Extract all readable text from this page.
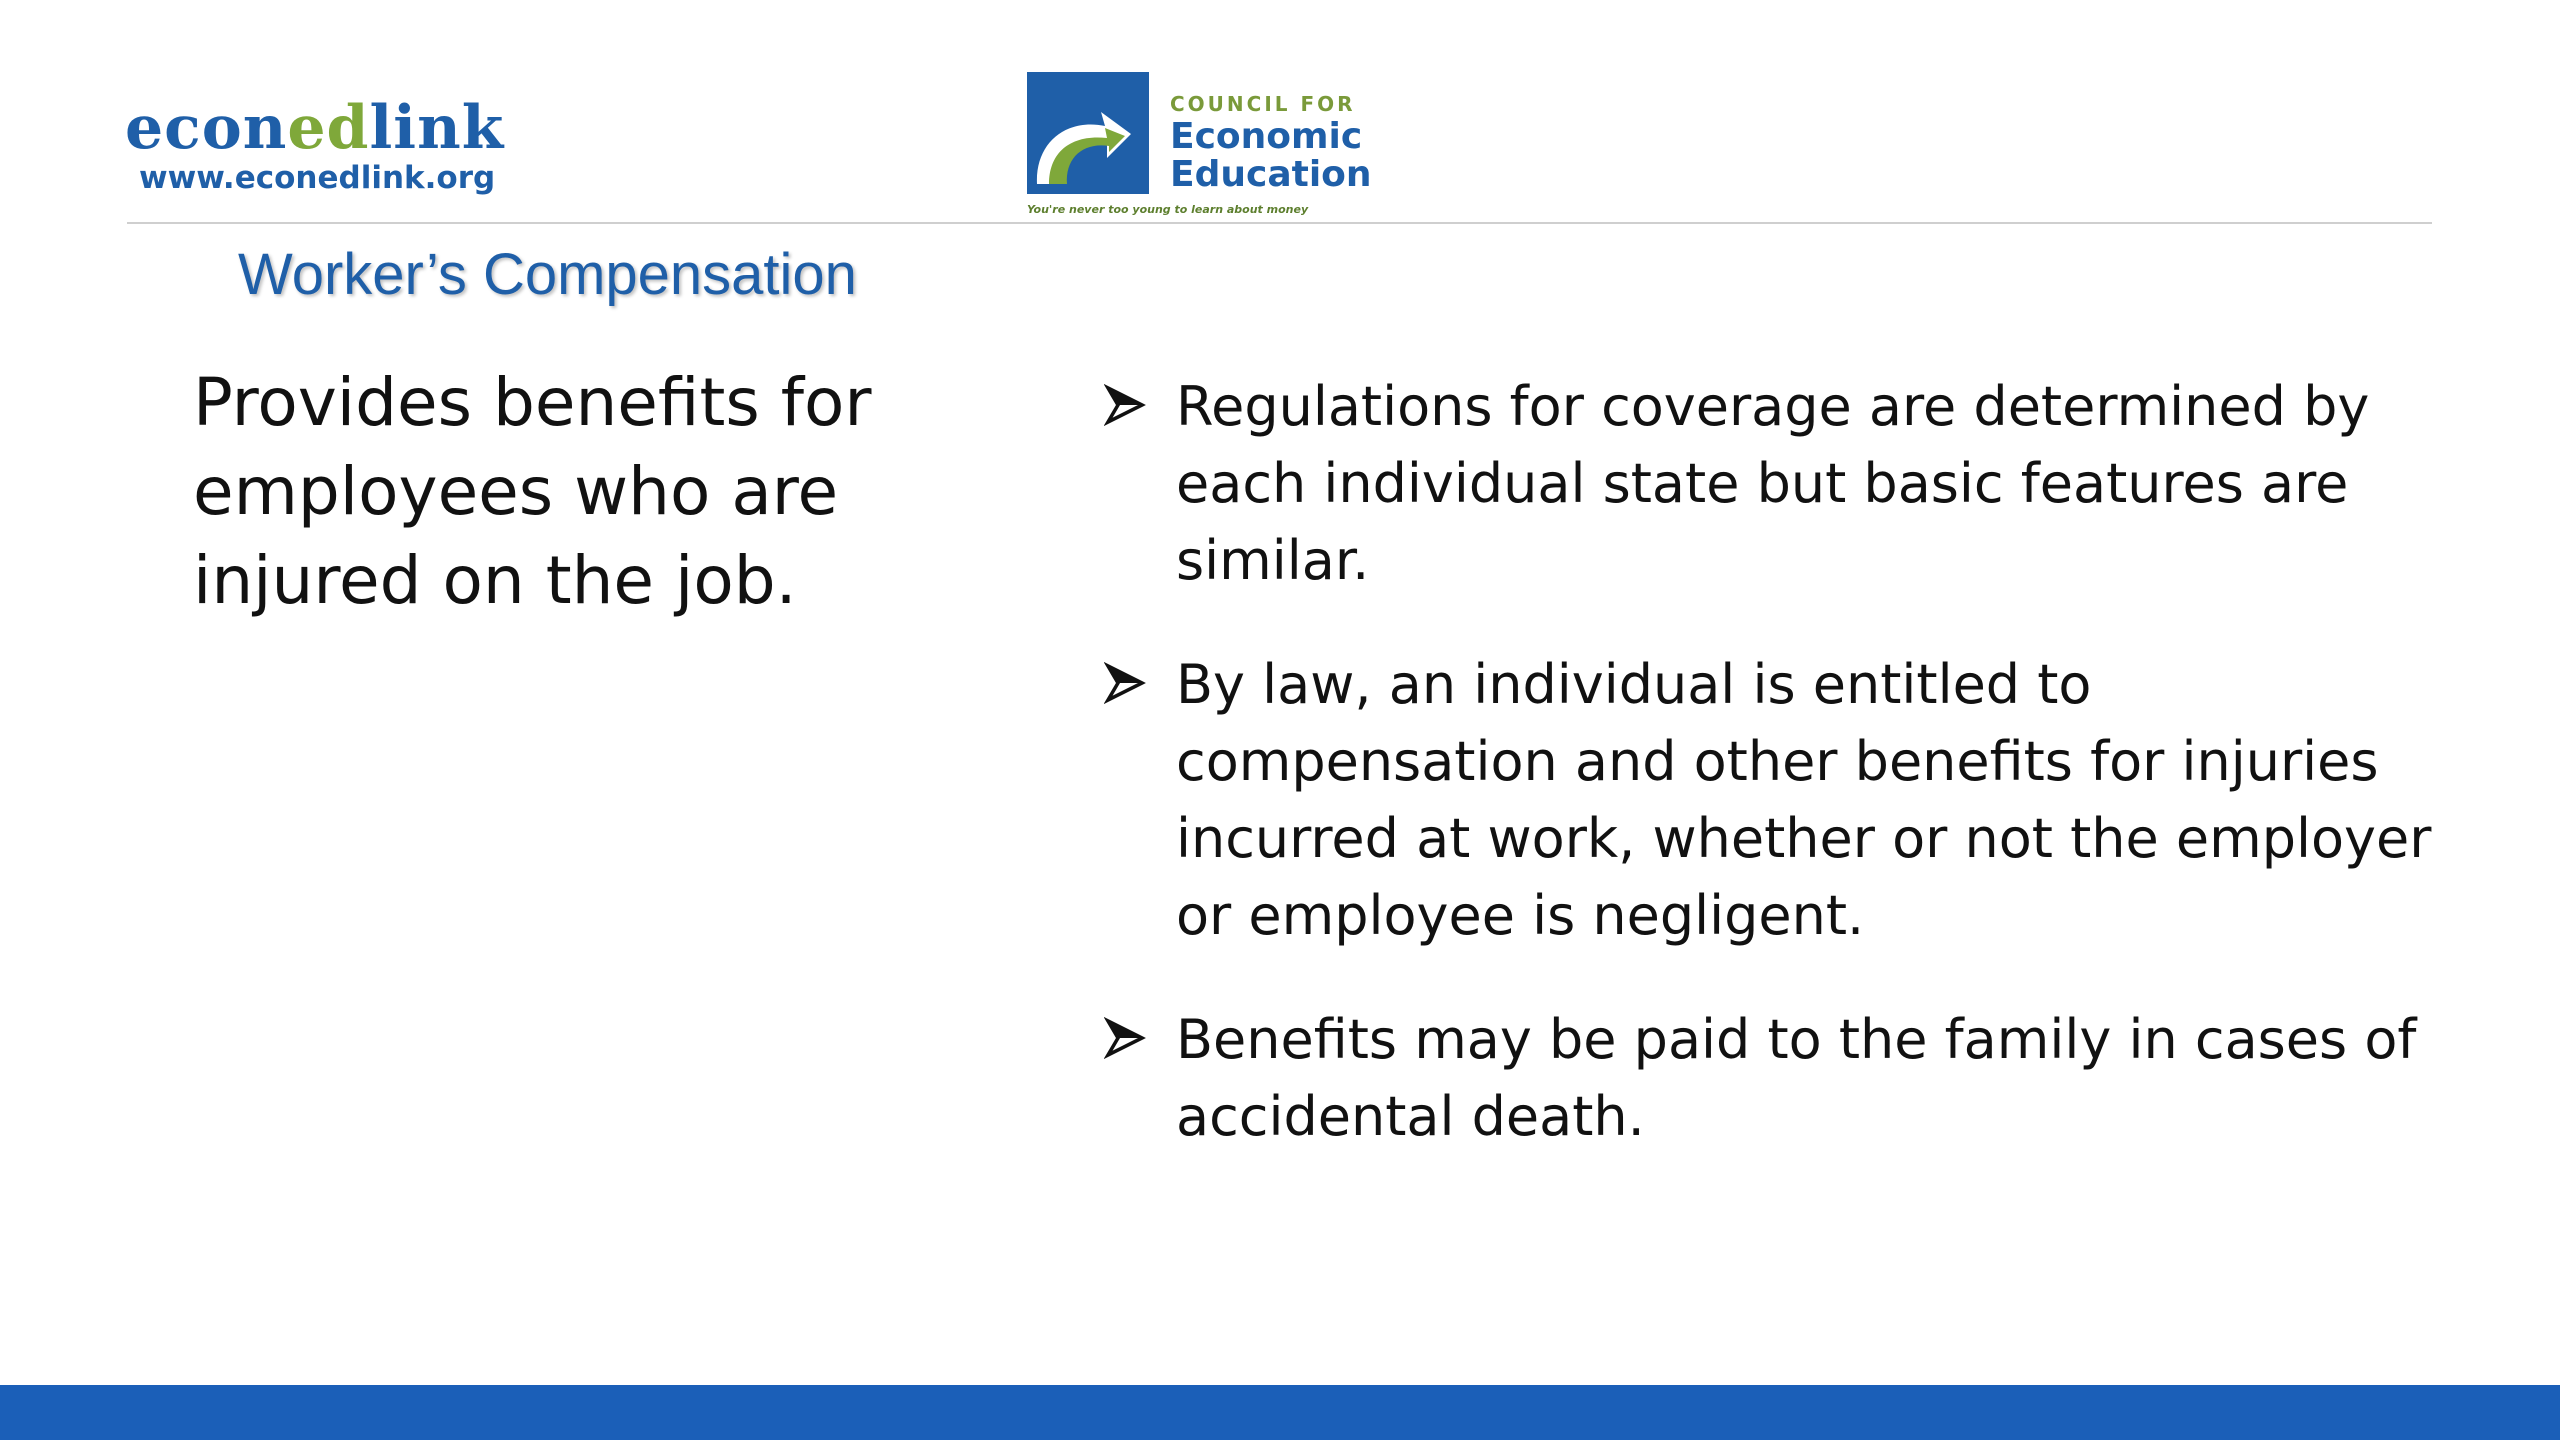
econedlink
www.econedlink.org
COUNCIL FOR
Economic
Education
You're never too young to learn about money
Worker’s Compensation
Provides benefits for employees who are injured on the job.
Regulations for coverage are determined by each individual state but basic features are similar.
By law, an individual is entitled to compensation and other benefits for injuries incurred at work, whether or not the employer or employee is negligent.
Benefits may be paid to the family in cases of accidental death.
